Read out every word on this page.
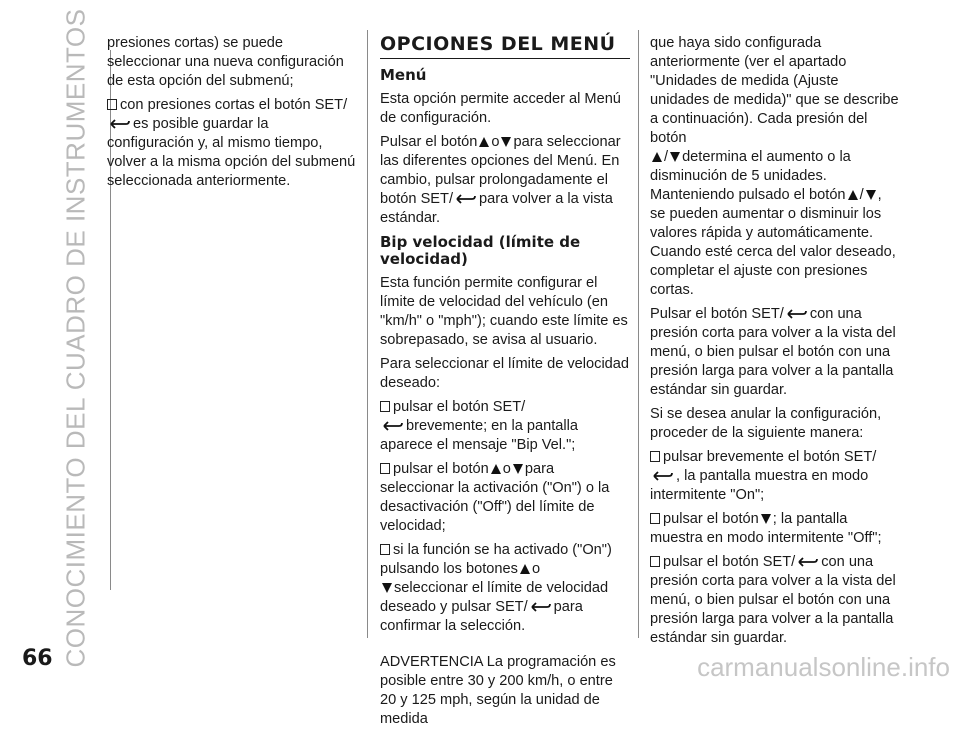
CONOCIMIENTO DEL CUADRO DE INSTRUMENTOS presiones cortas) se puede seleccionar una nueva configuración de esta opción del submenú;

con presiones cortas el botón SET/
es posible guardar la configuración y, al mismo tiempo, volver a la misma opción del submenú seleccionada anteriormente.

OPCIONES DEL MENÚ
Menú

Esta opción permite acceder al Menú de configuración.

Pulsar el botón o para seleccionar las diferentes opciones del Menú. En cambio, pulsar prolongadamente el botón SET/ para volver a la vista estándar.

Bip velocidad (límite de velocidad)

Esta función permite configurar el límite de velocidad del vehículo (en "km/h" o "mph"); cuando este límite es sobrepasado, se avisa al usuario.

Para seleccionar el límite de velocidad deseado:

pulsar el botón SET/
brevemente; en la pantalla aparece el mensaje "Bip Vel.";

pulsar el botón o para seleccionar la activación ("On") o la desactivación ("Off") del límite de velocidad;

si la función se ha activado ("On") pulsando los botones o
seleccionar el límite de velocidad deseado y pulsar SET/ para confirmar la selección.

ADVERTENCIA La programación es posible entre 30 y 200 km/h, o entre 20 y 125 mph, según la unidad de medida

que haya sido configurada anteriormente (ver el apartado "Unidades de medida (Ajuste unidades de medida)" que se describe a continuación). Cada presión del botón
/ determina el aumento o la disminución de 5 unidades. Manteniendo pulsado el botón / , se pueden aumentar o disminuir los valores rápida y automáticamente. Cuando esté cerca del valor deseado, completar el ajuste con presiones cortas.

Pulsar el botón SET/ con una presión corta para volver a la vista del menú, o bien pulsar el botón con una presión larga para volver a la pantalla estándar sin guardar.

Si se desea anular la configuración, proceder de la siguiente manera:

pulsar brevemente el botón SET/
, la pantalla muestra en modo intermitente "On";

pulsar el botón ; la pantalla muestra en modo intermitente "Off";

pulsar el botón SET/ con una presión corta para volver a la vista del menú, o bien pulsar el botón con una presión larga para volver a la pantalla estándar sin guardar.

66	carmanualsonline.info
